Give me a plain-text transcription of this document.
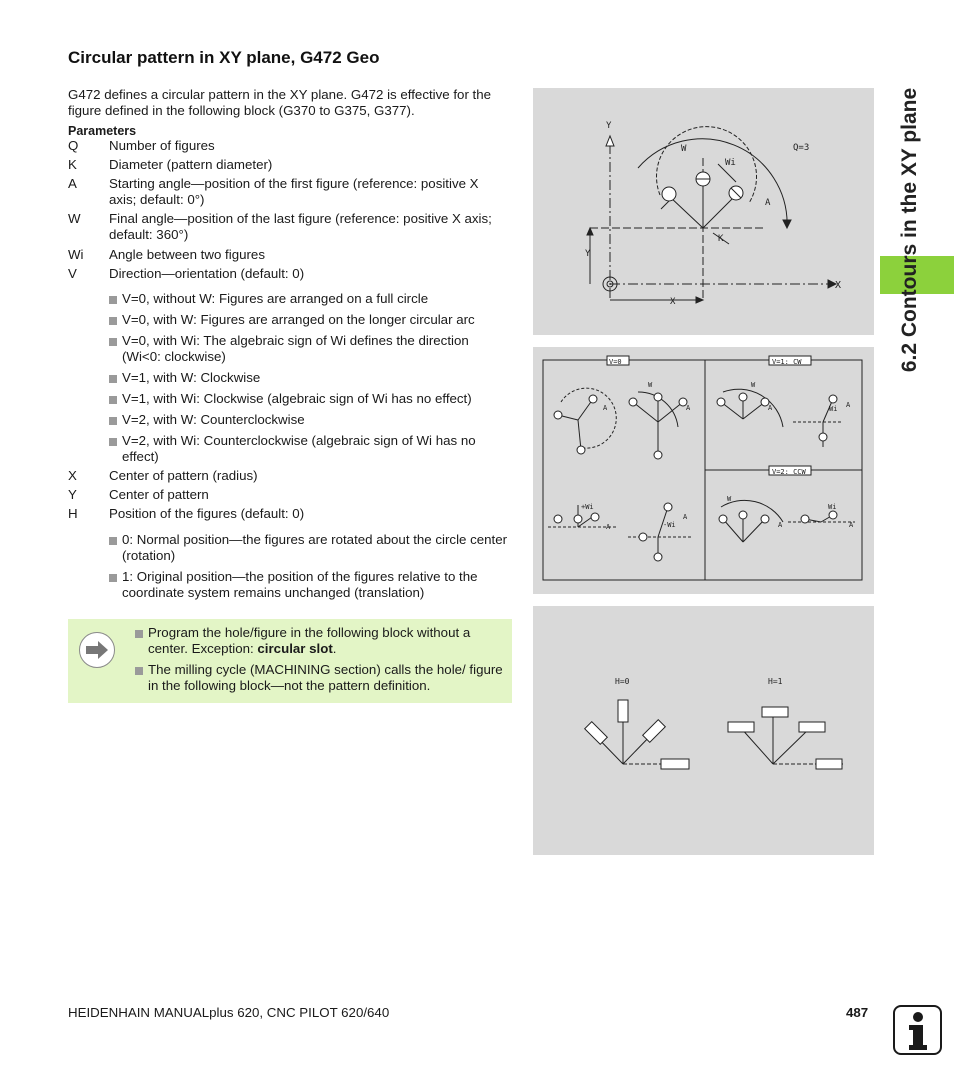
Circular pattern in XY plane, G472 Geo
G472 defines a circular pattern in the XY plane. G472 is effective for the figure defined in the following block (G370 to G375, G377).
Parameters
Q	Number of figures
K	Diameter (pattern diameter)
A	Starting angle—position of the first figure (reference: positive X axis; default: 0°)
W	Final angle—position of the last figure (reference: positive X axis; default: 360°)
Wi	Angle between two figures
V	Direction—orientation (default: 0)
V=0, without W: Figures are arranged on a full circle
V=0, with W: Figures are arranged on the longer circular arc
V=0, with Wi: The algebraic sign of Wi defines the direction (Wi<0: clockwise)
V=1, with W: Clockwise
V=1, with Wi: Clockwise (algebraic sign of Wi has no effect)
V=2, with W: Counterclockwise
V=2, with Wi: Counterclockwise (algebraic sign of Wi has no effect)
X	Center of pattern (radius)
Y	Center of pattern
H	Position of the figures (default: 0)
0: Normal position—the figures are rotated about the circle center (rotation)
1: Original position—the position of the figures relative to the coordinate system remains unchanged (translation)
Program the hole/figure in the following block without a center. Exception: circular slot.
The milling cycle (MACHINING section) calls the hole/ figure in the following block—not the pattern definition.
Y
W
Wi
Q=3
A
K
Y
X
X
V=0	V=1: CW
V=2: CCW
W
A	A
W
A	Wi A
W
A
Wi
A
+Wi
A	-Wi
A
H=0	H=1
6.2 Contours in the XY plane
HEIDENHAIN MANUALplus 620, CNC PILOT 620/640	487
